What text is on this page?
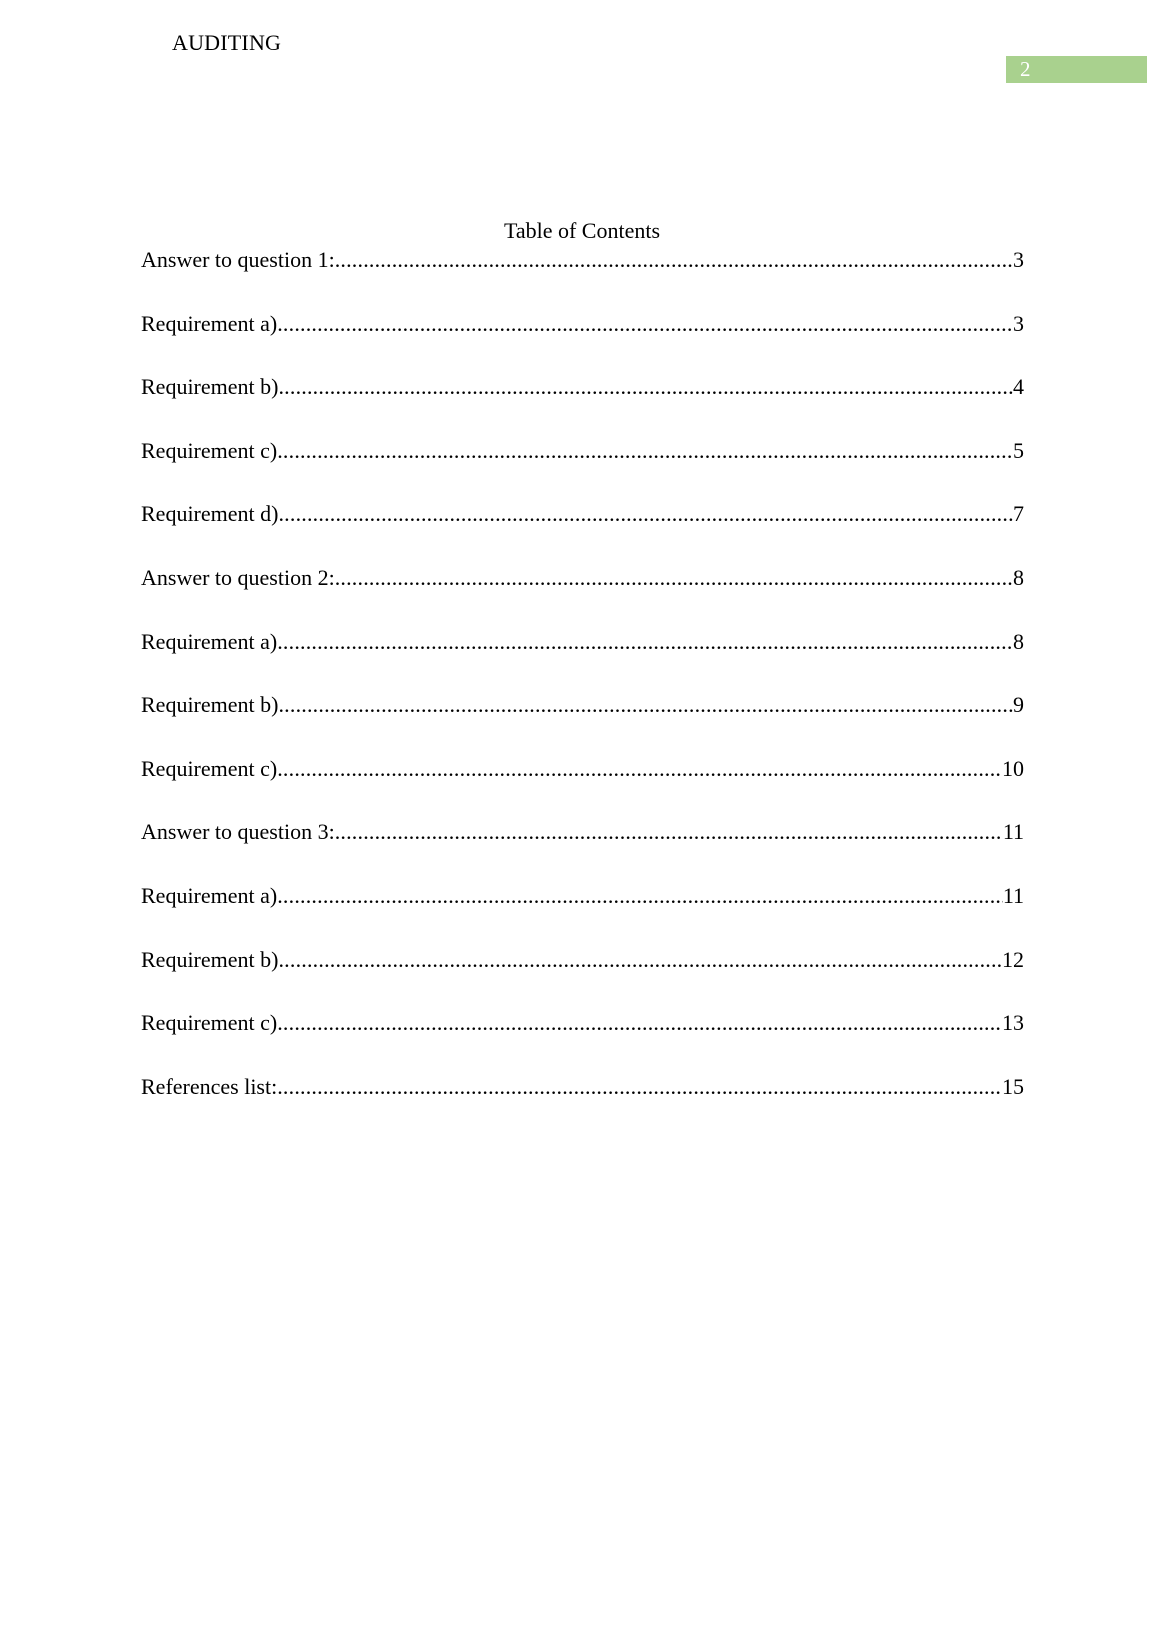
AUDITING
2
Table of Contents
Answer to question 1: .....	3
Requirement a) .....	3
Requirement b) .....	4
Requirement c) .....	5
Requirement d) .....	7
Answer to question 2: .....	8
Requirement a) .....	8
Requirement b) .....	9
Requirement c) .....	10
Answer to question 3: .....	11
Requirement a) .....	11
Requirement b) .....	12
Requirement c) .....	13
References list: .....	15
